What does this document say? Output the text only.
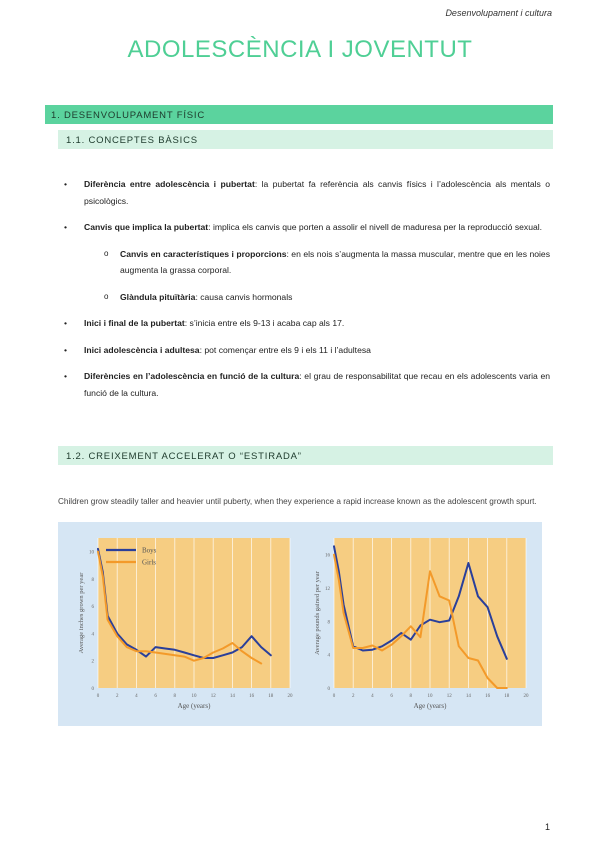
Desenvolupament i cultura
ADOLESCÈNCIA I JOVENTUT
1. DESENVOLUPAMENT FÍSIC
1.1. CONCEPTES BÀSICS
• Diferència entre adolescència i pubertat: la pubertat fa referència als canvis físics i l’adolescència als mentals o psicològics.
• Canvis que implica la pubertat: implica els canvis que porten a assolir el nivell de maduresa per la reproducció sexual.
o Canvis en característiques i proporcions: en els nois s’augmenta la massa muscular, mentre que en les noies augmenta la grassa corporal.
o Glàndula pituïtària: causa canvis hormonals
• Inici i final de la pubertat: s’inicia entre els 9-13 i acaba cap als 17.
• Inici adolescència i adultesa: pot començar entre els 9 i els 11 i l’adultesa
• Diferències en l’adolescència en funció de la cultura: el grau de responsabilitat que recau en els adolescents varia en funció de la cultura.
1.2. CREIXEMENT ACCELERAT O “ESTIRADA”
Children grow steadily taller and heavier until puberty, when they experience a rapid increase known as the adolescent growth spurt.
0	2	4	6	8	10	12	14	16	18	20
0
2
4
6
8
10
Age (years)
Average inches grown per year
Boys
Girls
0	2	4	6	8	10	12	14	16	18	20
0
4
8
12
16
Age (years)
Average pounds gained per year
1
